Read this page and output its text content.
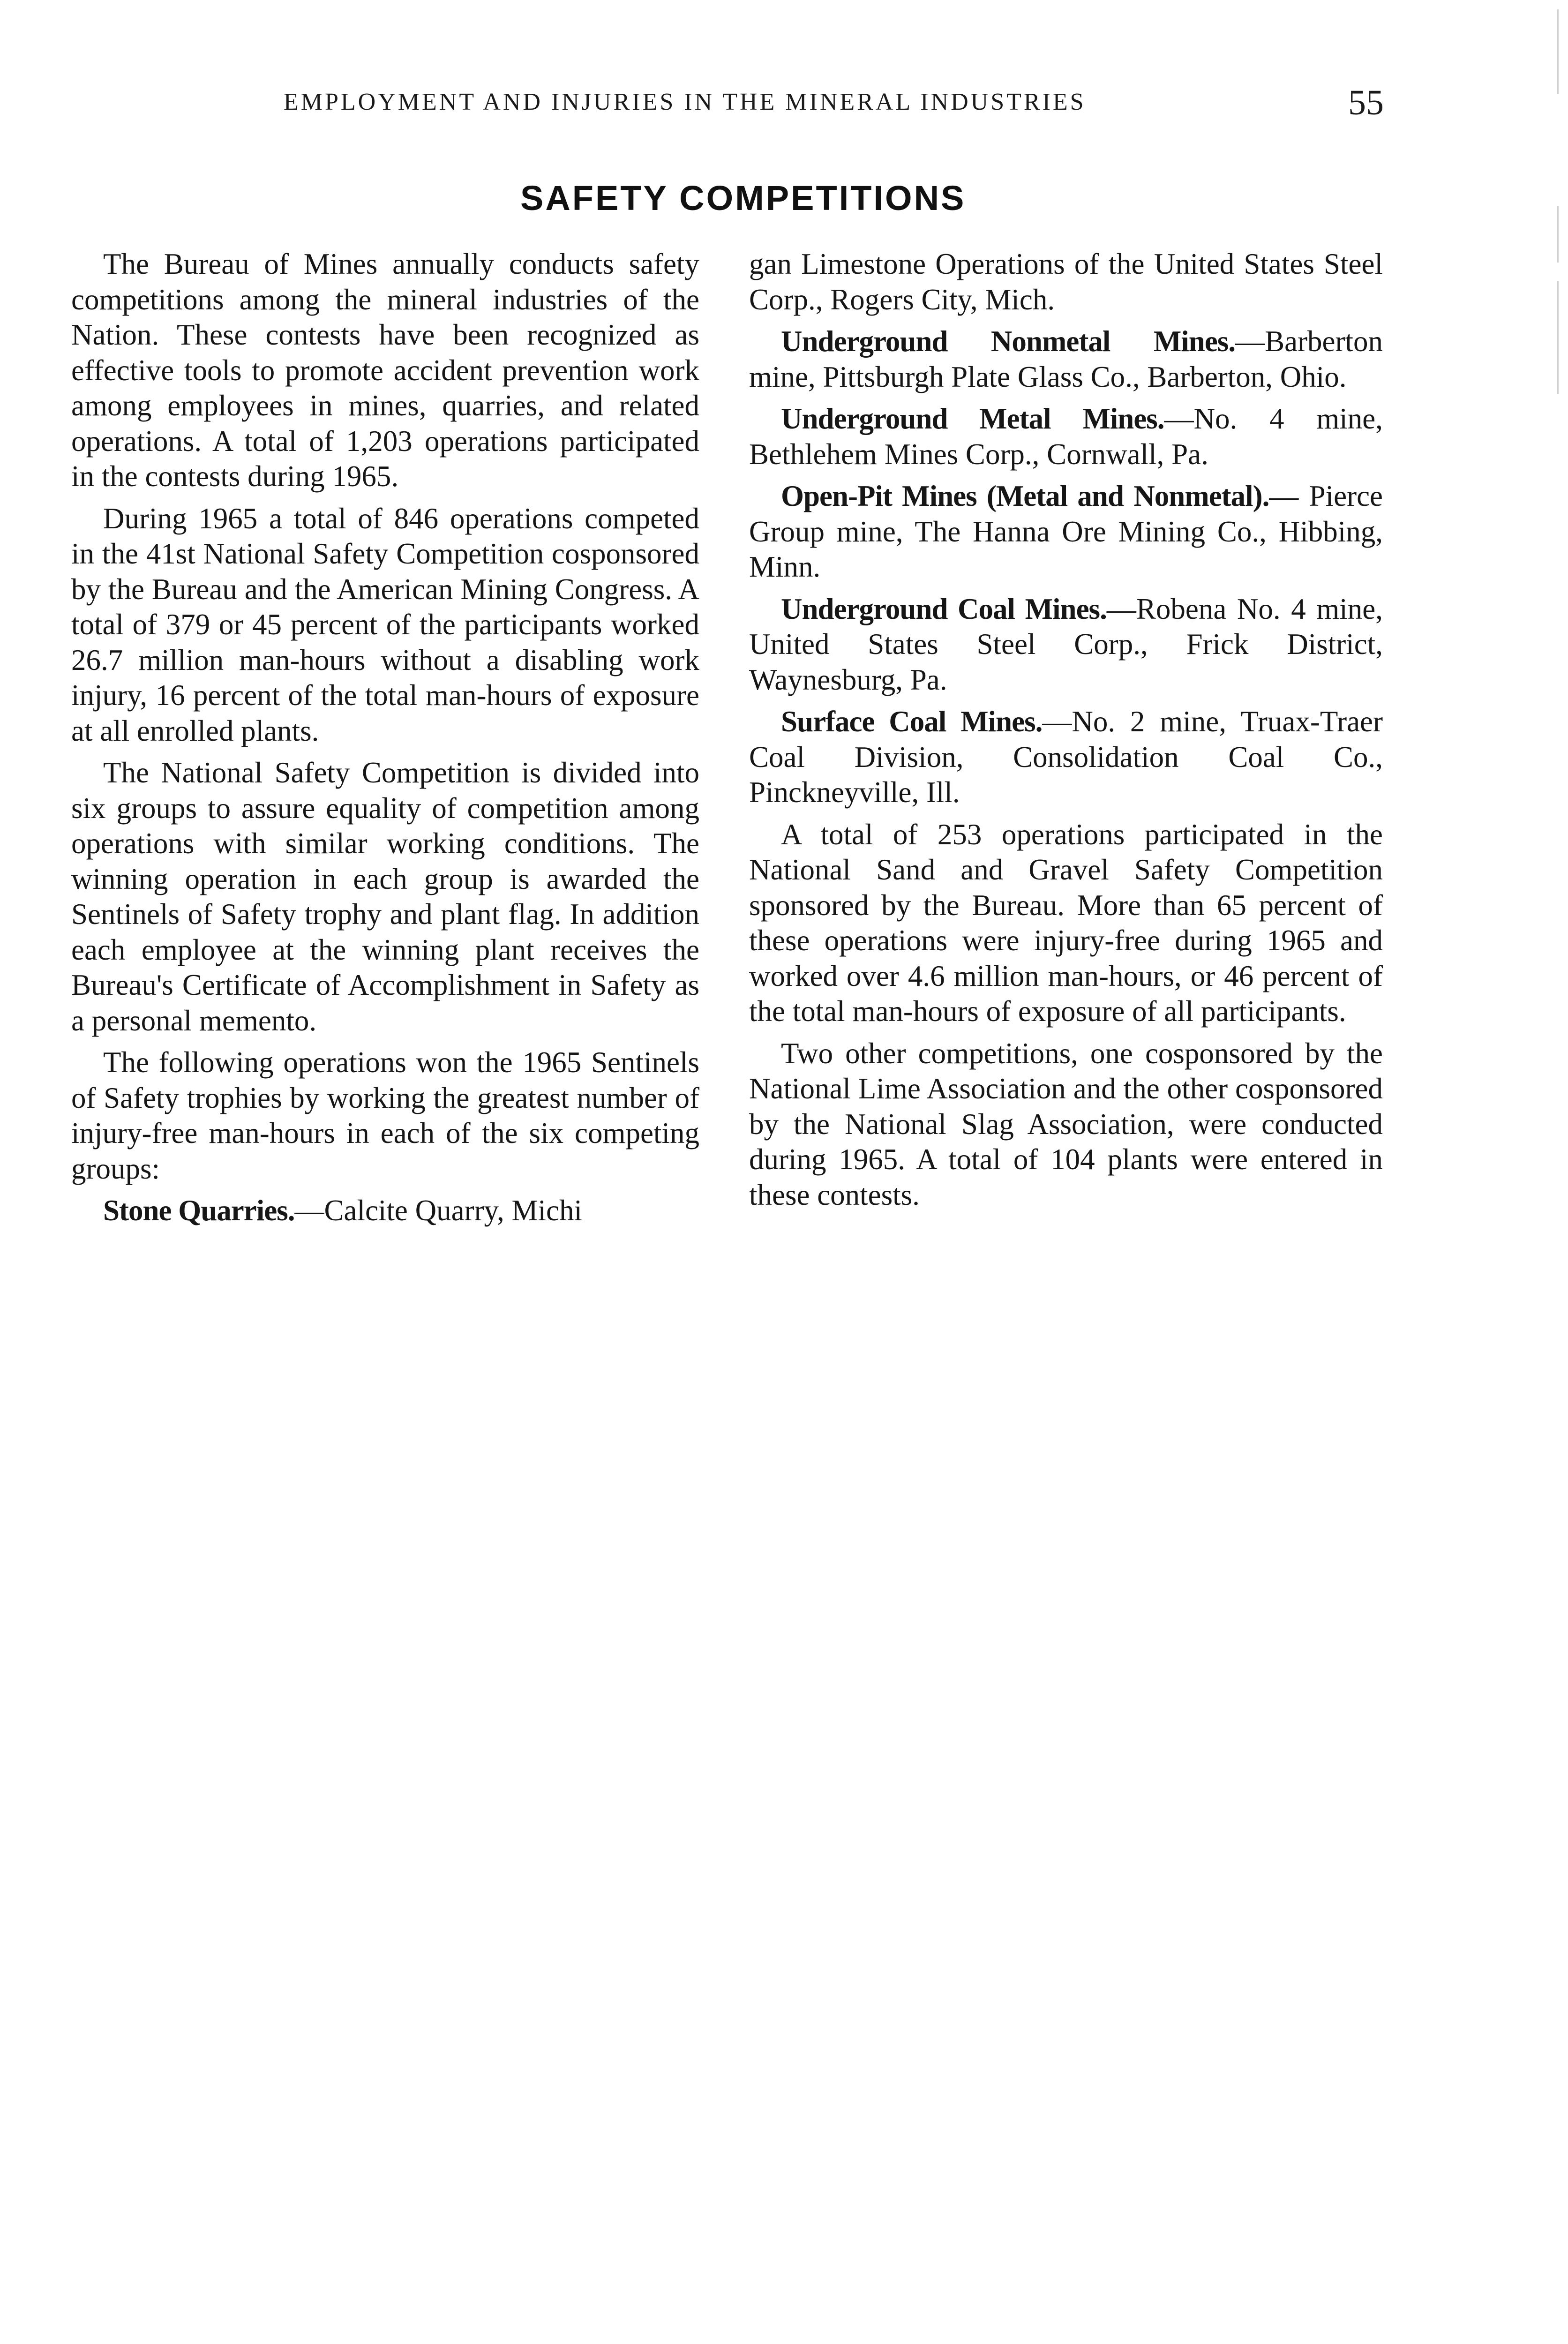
EMPLOYMENT AND INJURIES IN THE MINERAL INDUSTRIES	55
SAFETY COMPETITIONS

The Bureau of Mines annually conducts safety competitions among the mineral industries of the Nation. These contests have been recognized as effective tools to promote accident prevention work among employees in mines, quarries, and related operations. A total of 1,203 operations participated in the contests during 1965.

During 1965 a total of 846 operations competed in the 41st National Safety Competition cosponsored by the Bureau and the American Mining Congress. A total of 379 or 45 percent of the participants worked 26.7 million man-hours without a disabling work injury, 16 percent of the total man-hours of exposure at all enrolled plants.

The National Safety Competition is divided into six groups to assure equality of competition among operations with similar working conditions. The winning operation in each group is awarded the Sentinels of Safety trophy and plant flag. In addition each employee at the winning plant receives the Bureau's Certificate of Accomplishment in Safety as a personal memento.

The following operations won the 1965 Sentinels of Safety trophies by working the greatest number of injury-free man-hours in each of the six competing groups:

Stone Quarries.—Calcite Quarry, Michi

gan Limestone Operations of the United States Steel Corp., Rogers City, Mich.

Underground Nonmetal Mines.—Barberton mine, Pittsburgh Plate Glass Co., Barberton, Ohio.

Underground Metal Mines.—No. 4 mine, Bethlehem Mines Corp., Cornwall, Pa.

Open-Pit Mines (Metal and Nonmetal).— Pierce Group mine, The Hanna Ore Mining Co., Hibbing, Minn.

Underground Coal Mines.—Robena No. 4 mine, United States Steel Corp., Frick District, Waynesburg, Pa.

Surface Coal Mines.—No. 2 mine, Truax-Traer Coal Division, Consolidation Coal Co., Pinckneyville, Ill.

A total of 253 operations participated in the National Sand and Gravel Safety Competition sponsored by the Bureau. More than 65 percent of these operations were injury-free during 1965 and worked over 4.6 million man-hours, or 46 percent of the total man-hours of exposure of all participants.

Two other competitions, one cosponsored by the National Lime Association and the other cosponsored by the National Slag Association, were conducted during 1965. A total of 104 plants were entered in these contests.
